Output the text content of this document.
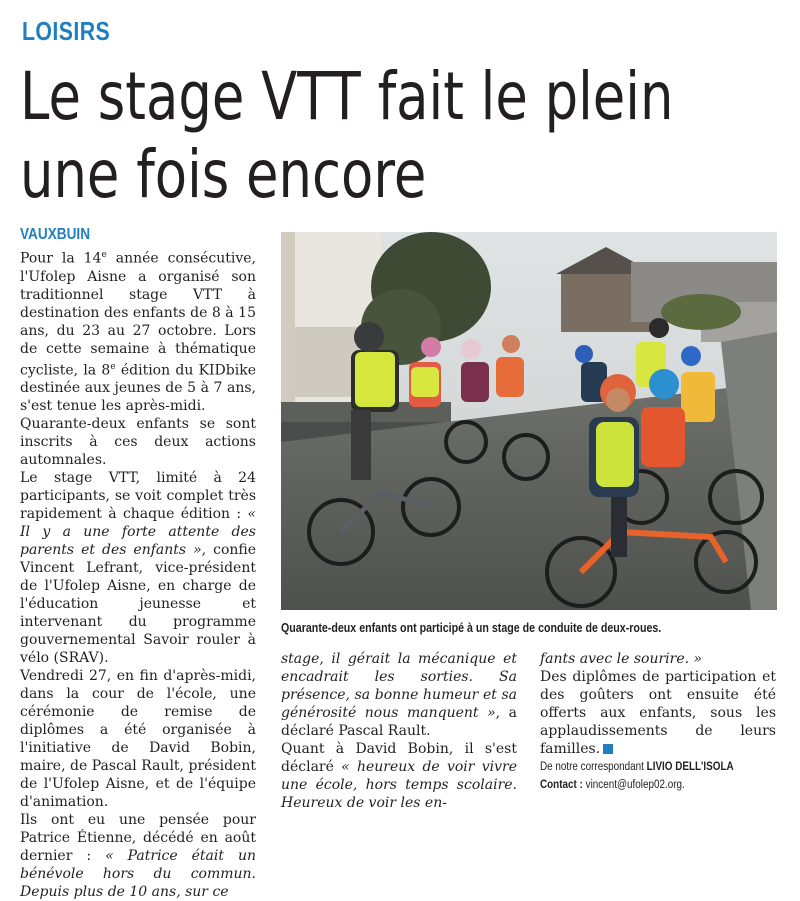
LOISIRS
Le stage VTT fait le plein
une fois encore
VAUXBUIN

Pour la 14e année consécutive, l'Ufolep Aisne a organisé son traditionnel stage VTT à destination des enfants de 8 à 15 ans, du 23 au 27 octobre. Lors de cette semaine à thématique cycliste, la 8e édition du KIDbike destinée aux jeunes de 5 à 7 ans, s'est tenue les après-midi.

Quarante-deux enfants se sont inscrits à ces deux actions automnales.

Le stage VTT, limité à 24 participants, se voit complet très rapidement à chaque édition : « Il y a une forte attente des parents et des enfants », confie Vincent Lefrant, vice-président de l'Ufolep Aisne, en charge de l'éducation jeunesse et intervenant du programme gouvernemental Savoir rouler à vélo (SRAV).

Vendredi 27, en fin d'après-midi, dans la cour de l'école, une cérémonie de remise de diplômes a été organisée à l'initiative de David Bobin, maire, de Pascal Rault, président de l'Ufolep Aisne, et de l'équipe d'animation.

Ils ont eu une pensée pour Patrice Étienne, décédé en août dernier : « Patrice était un bénévole hors du commun. Depuis plus de 10 ans, sur ce

Quarante-deux enfants ont participé à un stage de conduite de deux-roues.

stage, il gérait la mécanique et encadrait les sorties. Sa présence, sa bonne humeur et sa générosité nous manquent », a déclaré Pascal Rault.

Quant à David Bobin, il s'est déclaré « heureux de voir vivre une école, hors temps scolaire. Heureux de voir les en-

fants avec le sourire. »

Des diplômes de participation et des goûters ont ensuite été offerts aux enfants, sous les applaudissements de leurs familles.

De notre correspondant LIVIO DELL'ISOLA
Contact : vincent@ufolep02.org.
